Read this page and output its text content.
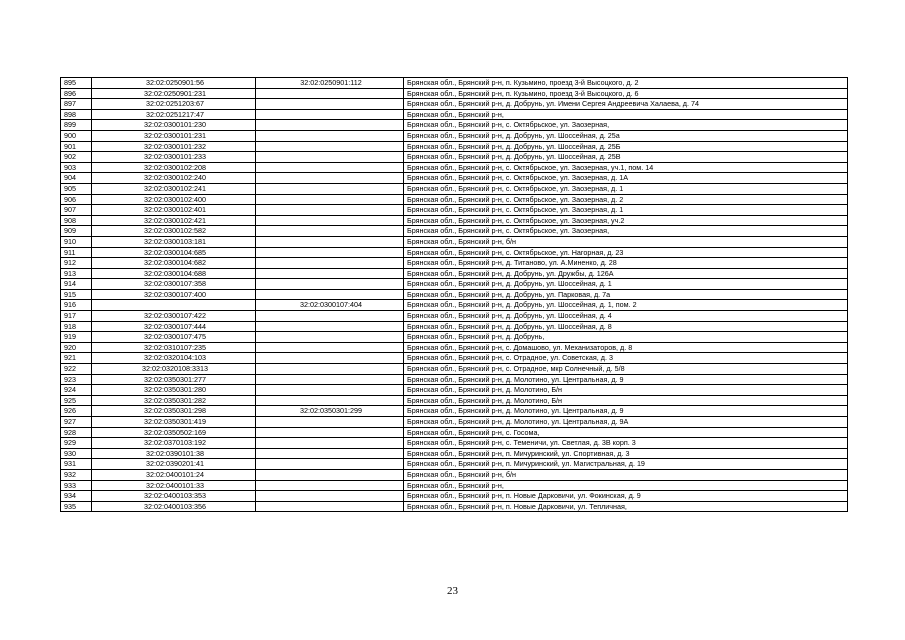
895	32:02:0250901:56	32:02:0250901:112	Брянская обл., Брянский р-н, п. Кузьмино, проезд 3-й Высоцкого, д. 2
896	32:02:0250901:231		Брянская обл., Брянский р-н, п. Кузьмино, проезд 3-й Высоцкого, д. 6
897	32:02:0251203:67		Брянская обл., Брянский р-н, д. Добрунь, ул. Имени Сергея Андреевича Халаева, д. 74
898	32:02:0251217:47		Брянская обл., Брянский р-н,
899	32:02:0300101:230		Брянская обл., Брянский р-н, с. Октябрьское, ул. Заозерная,
900	32:02:0300101:231		Брянская обл., Брянский р-н, д. Добрунь, ул. Шоссейная, д. 25а
901	32:02:0300101:232		Брянская обл., Брянский р-н, д. Добрунь, ул. Шоссейная, д. 25Б
902	32:02:0300101:233		Брянская обл., Брянский р-н, д. Добрунь, ул. Шоссейная, д. 25В
903	32:02:0300102:208		Брянская обл., Брянский р-н, с. Октябрьское, ул. Заозерная, уч.1, пом. 14
904	32:02:0300102:240		Брянская обл., Брянский р-н, с. Октябрьское, ул. Заозерная, д. 1А
905	32:02:0300102:241		Брянская обл., Брянский р-н, с. Октябрьское, ул. Заозерная, д. 1
906	32:02:0300102:400		Брянская обл., Брянский р-н, с. Октябрьское, ул. Заозерная, д. 2
907	32:02:0300102:401		Брянская обл., Брянский р-н, с. Октябрьское, ул. Заозерная, д. 1
908	32:02:0300102:421		Брянская обл., Брянский р-н, с. Октябрьское, ул. Заозерная, уч.2
909	32:02:0300102:582		Брянская обл., Брянский р-н, с. Октябрьское, ул. Заозерная,
910	32:02:0300103:181		Брянская обл., Брянский р-н, б/н
911	32:02:0300104:685		Брянская обл., Брянский р-н, с. Октябрьское, ул. Нагорная, д. 23
912	32:02:0300104:682		Брянская обл., Брянский р-н, д. Титаново, ул. А.Миненко, д. 28
913	32:02:0300104:688		Брянская обл., Брянский р-н, д. Добрунь, ул. Дружбы, д. 126А
914	32:02:0300107:358		Брянская обл., Брянский р-н, д. Добрунь, ул. Шоссейная, д. 1
915	32:02:0300107:400		Брянская обл., Брянский р-н, д. Добрунь, ул. Парковая, д. 7а
916		32:02:0300107:404	Брянская обл., Брянский р-н, д. Добрунь, ул. Шоссейная, д. 1, пом. 2
917	32:02:0300107:422		Брянская обл., Брянский р-н, д. Добрунь, ул. Шоссейная, д. 4
918	32:02:0300107:444		Брянская обл., Брянский р-н, д. Добрунь, ул. Шоссейная, д. 8
919	32:02:0300107:475		Брянская обл., Брянский р-н, д. Добрунь,
920	32:02:0310107:235		Брянская обл., Брянский р-н, с. Домашово, ул. Механизаторов, д. 8
921	32:02:0320104:103		Брянская обл., Брянский р-н, с. Отрадное, ул. Советская, д. 3
922	32:02:0320108:3313		Брянская обл., Брянский р-н, с. Отрадное, мкр Солнечный, д. 5/8
923	32:02:0350301:277		Брянская обл., Брянский р-н, д. Молотино, ул. Центральная, д. 9
924	32:02:0350301:280		Брянская обл., Брянский р-н, д. Молотино, Б/н
925	32:02:0350301:282		Брянская обл., Брянский р-н, д. Молотино, Б/н
926	32:02:0350301:298	32:02:0350301:299	Брянская обл., Брянский р-н, д. Молотино, ул. Центральная, д. 9
927	32:02:0350301:419		Брянская обл., Брянский р-н, д. Молотино, ул. Центральная, д. 9А
928	32:02:0350502:169		Брянская обл., Брянский р-н, с. Госома,
929	32:02:0370103:192		Брянская обл., Брянский р-н, с. Теменичи, ул. Светлая, д. 3В корп. 3
930	32:02:0390101:38		Брянская обл., Брянский р-н, п. Мичуринский, ул. Спортивная, д. 3
931	32:02:0390201:41		Брянская обл., Брянский р-н, п. Мичуринский, ул. Магистральная, д. 19
932	32:02:0400101:24		Брянская обл., Брянский р-н, б/н
933	32:02:0400101:33		Брянская обл., Брянский р-н,
934	32:02:0400103:353		Брянская обл., Брянский р-н, п. Новые Дарковичи, ул. Фокинская, д. 9
935	32:02:0400103:356		Брянская обл., Брянский р-н, п. Новые Дарковичи, ул. Тепличная,
23
